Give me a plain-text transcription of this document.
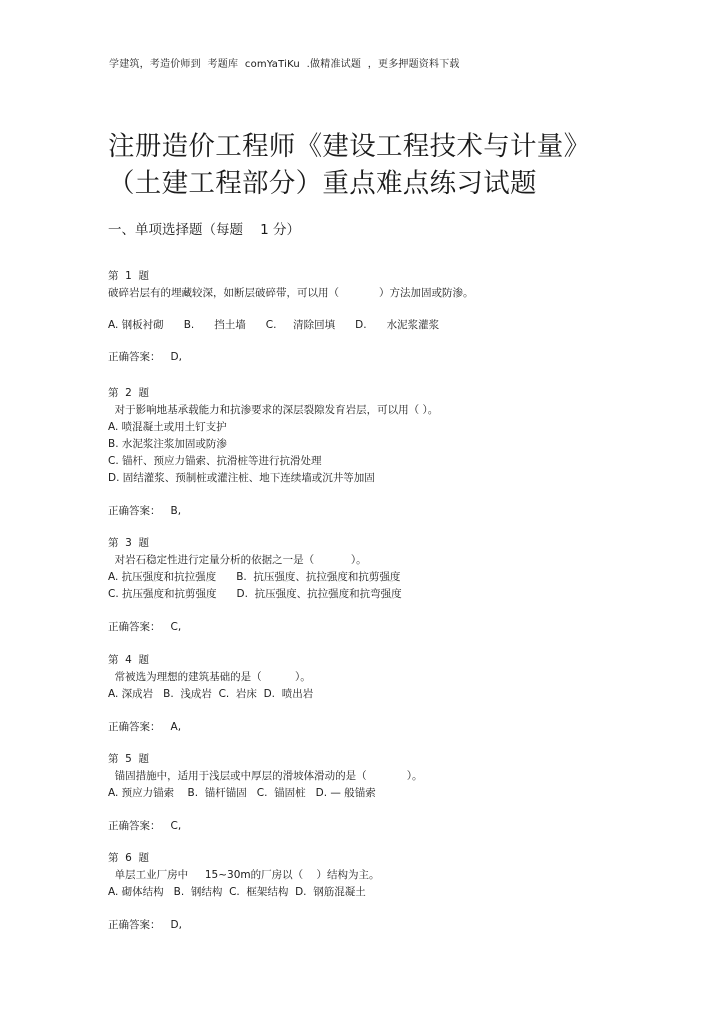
学建筑，考造价师到  考题库  comYaTiKu  .做精准试题  ，更多押题资料下载
注册造价工程师《建设工程技术与计量》
（土建工程部分）重点难点练习试题
一、单项选择题（每题    1 分）
第  1  题
破碎岩层有的埋藏较深，如断层破碎带，可以用（            ）方法加固或防渗。
A. 钢板衬砌      B.      挡土墙      C.     清除回填      D.      水泥浆灌浆
正确答案：   D,
第  2  题
对于影响地基承载能力和抗渗要求的深层裂隙发育岩层，可以用（ ）。
A. 喷混凝土或用土钉支护
B. 水泥浆注浆加固或防渗
C. 锚杆、预应力锚索、抗滑桩等进行抗滑处理
D. 固结灌浆、预制桩或灌注桩、地下连续墙或沉井等加固
正确答案：   B,
第  3  题
对岩石稳定性进行定量分析的依据之一是（           ）。
A. 抗压强度和抗拉强度      B.  抗压强度、抗拉强度和抗剪强度
C. 抗压强度和抗剪强度      D.  抗压强度、抗拉强度和抗弯强度
正确答案：   C,
第  4  题
常被选为理想的建筑基础的是（          ）。
A. 深成岩   B.  浅成岩  C.  岩床  D.  喷出岩
正确答案：   A,
第  5  题
锚固措施中，适用于浅层或中厚层的滑坡体滑动的是（            ）。
A. 预应力锚索    B.  锚杆锚固   C.  锚固桩   D. — 般锚索
正确答案：   C,
第  6  题
单层工业厂房中     15~30m的厂房以（    ）结构为主。
A. 砌体结构   B.  钢结构  C.  框架结构  D.  钢筋混凝土
正确答案：   D,
